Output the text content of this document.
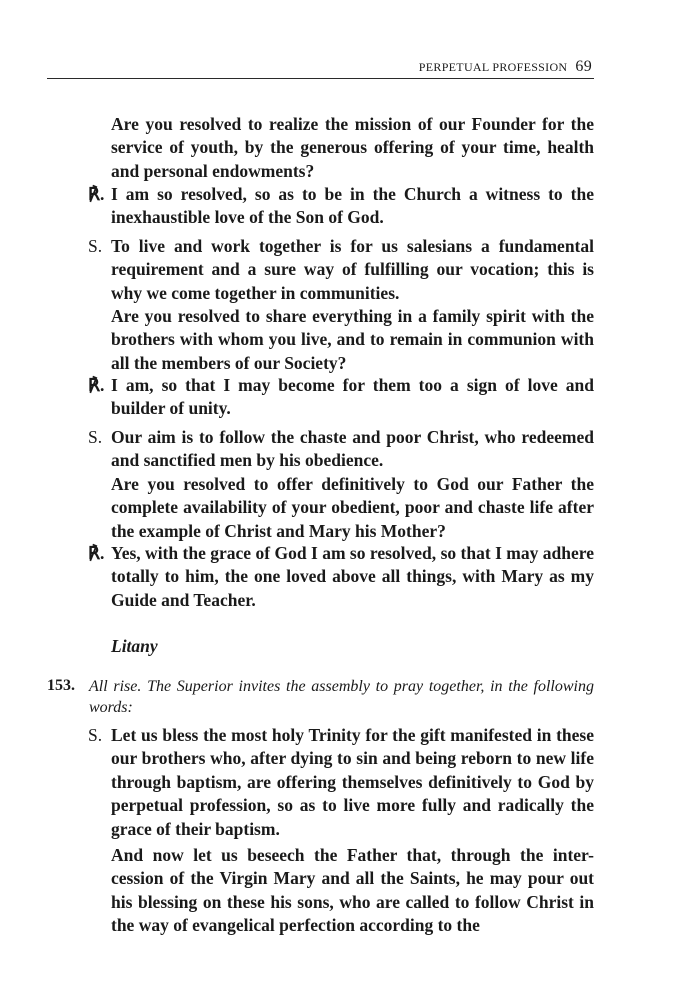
PERPETUAL PROFESSION 69

Are you resolved to realize the mission of our Founder for the service of youth, by the generous offering of your time, health and personal endowments?

℟. I am so resolved, so as to be in the Church a witness to the inexhaustible love of the Son of God.

S. To live and work together is for us salesians a fundamental requirement and a sure way of fulfilling our vocation; this is why we come together in communities.

Are you resolved to share everything in a family spirit with the brothers with whom you live, and to remain in communion with all the members of our Society?

℟. I am, so that I may become for them too a sign of love and builder of unity.

S. Our aim is to follow the chaste and poor Christ, who redeemed and sanctified men by his obedience.

Are you resolved to offer definitively to God our Father the complete availability of your obedient, poor and chaste life after the example of Christ and Mary his Mother?

℟. Yes, with the grace of God I am so resolved, so that I may adhere totally to him, the one loved above all things, with Mary as my Guide and Teacher.

Litany
153. All rise. The Superior invites the assembly to pray together, in the following words:

S. Let us bless the most holy Trinity for the gift manifested in these our brothers who, after dying to sin and being reborn to new life through baptism, are offering themselves definitively to God by perpetual profession, so as to live more fully and radically the grace of their baptism.

And now let us beseech the Father that, through the inter-cession of the Virgin Mary and all the Saints, he may pour out his blessing on these his sons, who are called to follow Christ in the way of evangelical perfection according to the
